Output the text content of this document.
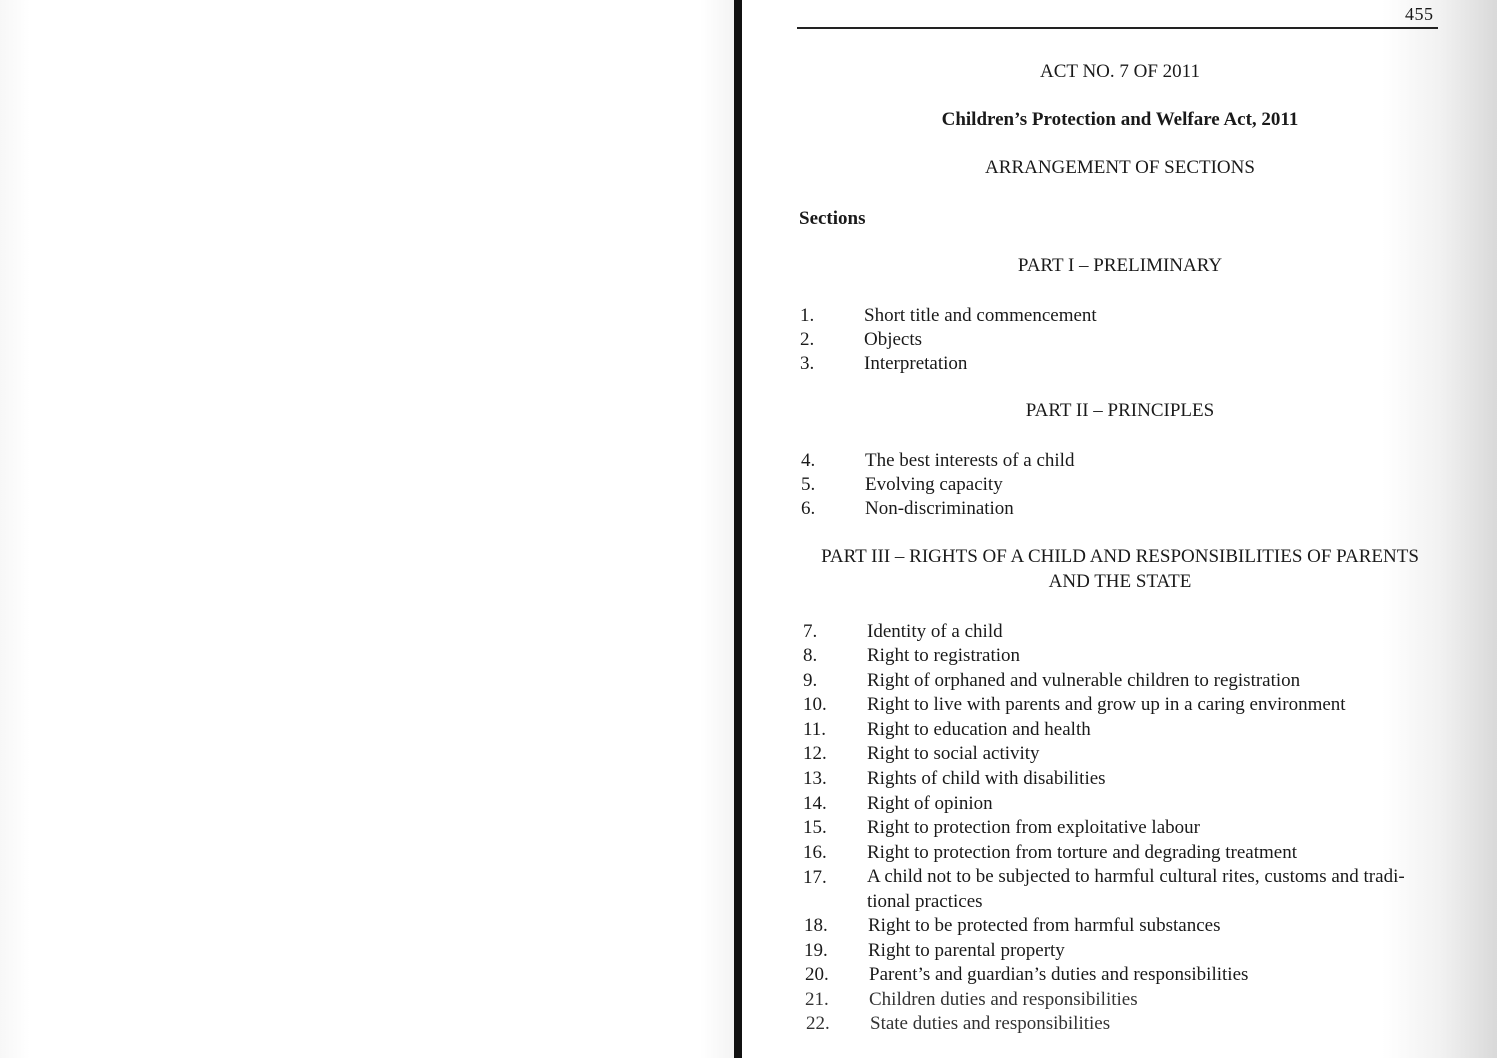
455
ACT NO. 7 OF 2011
Children’s Protection and Welfare Act, 2011
ARRANGEMENT OF SECTIONS
Sections
PART I – PRELIMINARY
1.	Short title and commencement
2.	Objects
3.	Interpretation
PART II – PRINCIPLES
4.	The best interests of a child
5.	Evolving capacity
6.	Non-discrimination
PART III – RIGHTS OF A CHILD AND RESPONSIBILITIES OF PARENTS AND THE STATE
7.	Identity of a child
8.	Right to registration
9.	Right of orphaned and vulnerable children to registration
10. Right to live with parents and grow up in a caring environment
11. Right to education and health
12. Right to social activity
13. Rights of child with disabilities
14. Right of opinion
15. Right to protection from exploitative labour
16. Right to protection from torture and degrading treatment
17. A child not to be subjected to harmful cultural rites, customs and tradi-tional practices
18. Right to be protected from harmful substances
19. Right to parental property
20. Parent’s and guardian’s duties and responsibilities
21. Children duties and responsibilities
22. State duties and responsibilities
